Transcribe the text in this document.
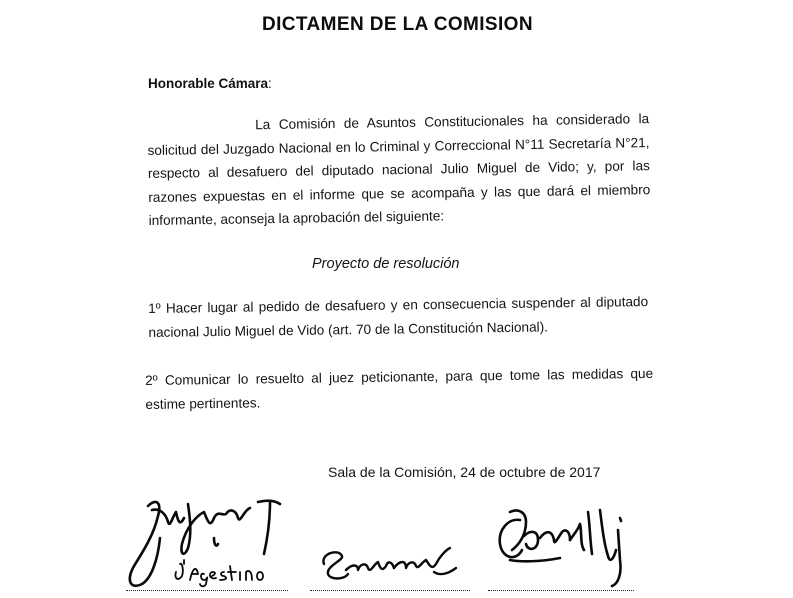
DICTAMEN DE LA COMISION
Honorable Cámara:
La Comisión de Asuntos Constitucionales ha considerado la solicitud del Juzgado Nacional en lo Criminal y Correccional N°11 Secretaría N°21, respecto al desafuero del diputado nacional Julio Miguel de Vido; y, por las razones expuestas en el informe que se acompaña y las que dará el miembro informante, aconseja la aprobación del siguiente:
Proyecto de resolución
1º Hacer lugar al pedido de desafuero y en consecuencia suspender al diputado nacional Julio Miguel de Vido (art. 70 de la Constitución Nacional).
2º Comunicar lo resuelto al juez peticionante, para que tome las medidas que estime pertinentes.
Sala de la Comisión, 24 de octubre de 2017
